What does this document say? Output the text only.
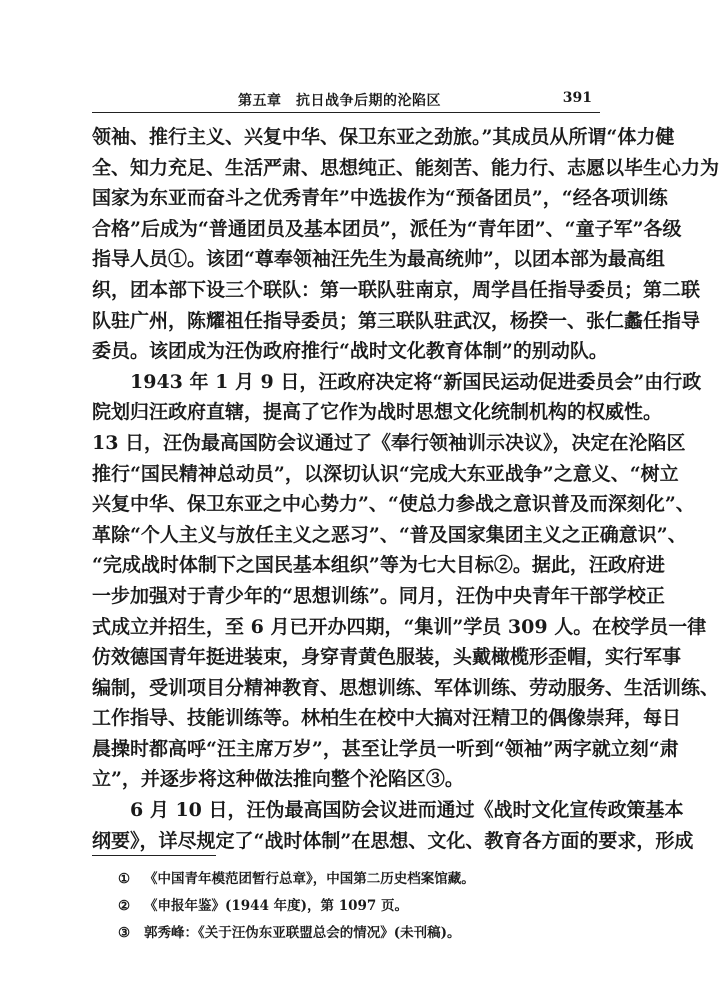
第五章　抗日战争后期的沦陷区	391
领袖、推行主义、兴复中华、保卫东亚之劲旅。”其成员从所谓“体力健
全、知力充足、生活严肃、思想纯正、能刻苦、能力行、志愿以毕生心力为
国家为东亚而奋斗之优秀青年”中选拔作为“预备团员”，“经各项训练
合格”后成为“普通团员及基本团员”，派任为“青年团”、“童子军”各级
指导人员①。该团“尊奉领袖汪先生为最高统帅”，以团本部为最高组
织，团本部下设三个联队：第一联队驻南京，周学昌任指导委员；第二联
队驻广州，陈耀祖任指导委员；第三联队驻武汉，杨揆一、张仁蠡任指导
委员。该团成为汪伪政府推行“战时文化教育体制”的别动队。
1943 年 1 月 9 日，汪政府决定将“新国民运动促进委员会”由行政
院划归汪政府直辖，提高了它作为战时思想文化统制机构的权威性。
13 日，汪伪最高国防会议通过了《奉行领袖训示决议》，决定在沦陷区
推行“国民精神总动员”，以深切认识“完成大东亚战争”之意义、“树立
兴复中华、保卫东亚之中心势力”、“使总力参战之意识普及而深刻化”、
革除“个人主义与放任主义之恶习”、“普及国家集团主义之正确意识”、
“完成战时体制下之国民基本组织”等为七大目标②。据此，汪政府进
一步加强对于青少年的“思想训练”。同月，汪伪中央青年干部学校正
式成立并招生，至 6 月已开办四期，“集训”学员 309 人。在校学员一律
仿效德国青年挺进装束，身穿青黄色服装，头戴橄榄形歪帽，实行军事
编制，受训项目分精神教育、思想训练、军体训练、劳动服务、生活训练、
工作指导、技能训练等。林柏生在校中大搞对汪精卫的偶像崇拜，每日
晨操时都高呼“汪主席万岁”，甚至让学员一听到“领袖”两字就立刻“肃
立”，并逐步将这种做法推向整个沦陷区③。
6 月 10 日，汪伪最高国防会议进而通过《战时文化宣传政策基本
纲要》，详尽规定了“战时体制”在思想、文化、教育各方面的要求，形成
① 《中国青年模范团暂行总章》，中国第二历史档案馆藏。
② 《申报年鉴》(1944 年度)，第 1097 页。
③ 郭秀峰：《关于汪伪东亚联盟总会的情况》(未刊稿)。
